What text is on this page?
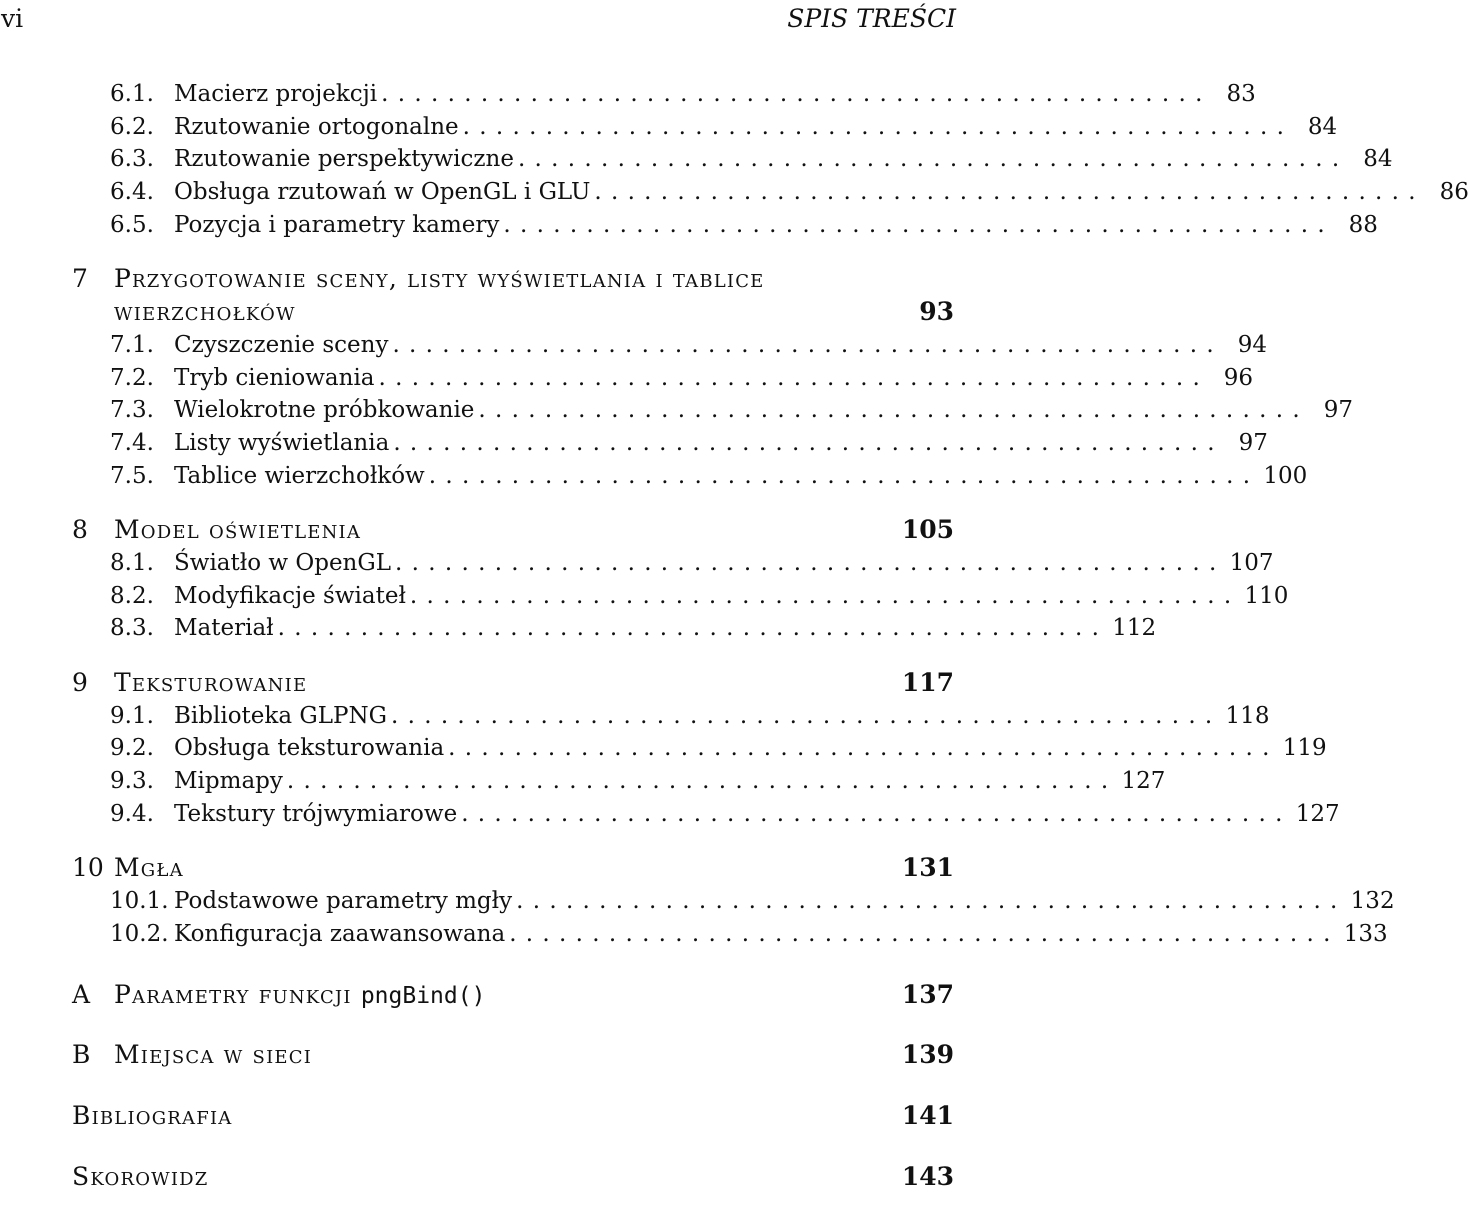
vi	SPIS TREŚCI
6.1. Macierz projekcji .................................................. 83
6.2. Rzutowanie ortogonalne .................................................. 84
6.3. Rzutowanie perspektywiczne .................................................. 84
6.4. Obsługa rzutowań w OpenGL i GLU .................................................. 86
6.5. Pozycja i parametry kamery .................................................. 88
7	Przygotowanie sceny, listy wyświetlania i tablice
wierzchołków	93
7.1. Czyszczenie sceny .................................................. 94
7.2. Tryb cieniowania .................................................. 96
7.3. Wielokrotne próbkowanie .................................................. 97
7.4. Listy wyświetlania .................................................. 97
7.5. Tablice wierzchołków .................................................. 100
8 Model oświetlenia	105
8.1. Światło w OpenGL .................................................. 107
8.2. Modyfikacje świateł .................................................. 110
8.3. Materiał .................................................. 112
9 Teksturowanie	117
9.1. Biblioteka GLPNG .................................................. 118
9.2. Obsługa teksturowania .................................................. 119
9.3. Mipmapy .................................................. 127
9.4. Tekstury trójwymiarowe .................................................. 127
10 Mgła	131
10.1. Podstawowe parametry mgły .................................................. 132
10.2. Konfiguracja zaawansowana .................................................. 133
A Parametry funkcji pngBind()	137
B Miejsca w sieci	139
Bibliografia	141
Skorowidz	143
